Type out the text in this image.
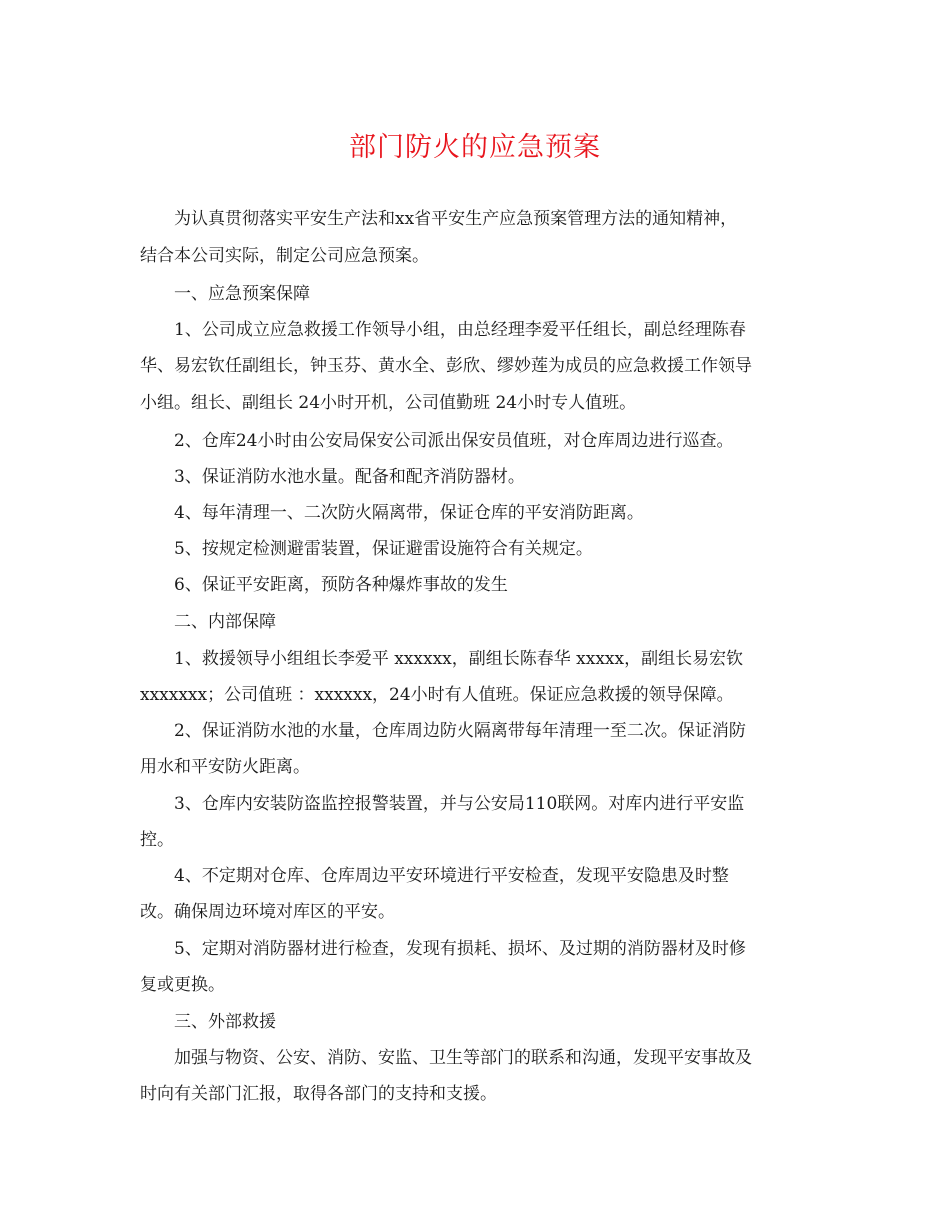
部门防火的应急预案
为认真贯彻落实平安生产法和xx省平安生产应急预案管理方法的通知精神，
结合本公司实际，制定公司应急预案。
一、应急预案保障
1、公司成立应急救援工作领导小组，由总经理李爱平任组长，副总经理陈春
华、易宏钦任副组长，钟玉芬、黄水全、彭欣、缪妙莲为成员的应急救援工作领导
小组。组长、副组长 24小时开机，公司值勤班 24小时专人值班。
2、仓库24小时由公安局保安公司派出保安员值班，对仓库周边进行巡查。
3、保证消防水池水量。配备和配齐消防器材。
4、每年清理一、二次防火隔离带，保证仓库的平安消防距离。
5、按规定检测避雷装置，保证避雷设施符合有关规定。
6、保证平安距离，预防各种爆炸事故的发生
二、内部保障
1、救援领导小组组长李爱平 xxxxxx，副组长陈春华 xxxxx，副组长易宏钦
xxxxxxx；公司值班 ：xxxxxx，24小时有人值班。保证应急救援的领导保障。
2、保证消防水池的水量，仓库周边防火隔离带每年清理一至二次。保证消防
用水和平安防火距离。
3、仓库内安装防盗监控报警装置，并与公安局110联网。对库内进行平安监
控。
4、不定期对仓库、仓库周边平安环境进行平安检查，发现平安隐患及时整
改。确保周边环境对库区的平安。
5、定期对消防器材进行检查，发现有损耗、损坏、及过期的消防器材及时修
复或更换。
三、外部救援
加强与物资、公安、消防、安监、卫生等部门的联系和沟通，发现平安事故及
时向有关部门汇报，取得各部门的支持和支援。
